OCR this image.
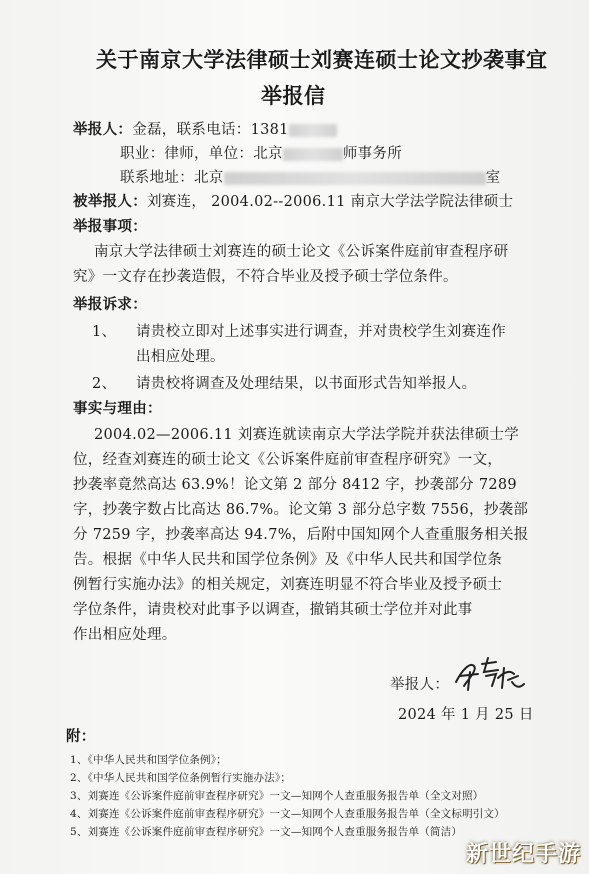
关于南京大学法律硕士刘赛连硕士论文抄袭事宜
举报信
举报人：金磊，联系电话：1381
职业：律师，单位：北京	师事务所
联系地址：北京	室
被举报人：刘赛连， 2004.02--2006.11 南京大学法学院法律硕士
举报事项：
南京大学法律硕士刘赛连的硕士论文《公诉案件庭前审查程序研
究》一文存在抄袭造假，不符合毕业及授予硕士学位条件。
举报诉求：
1、 请贵校立即对上述事实进行调查，并对贵校学生刘赛连作
出相应处理。
2、 请贵校将调查及处理结果，以书面形式告知举报人。
事实与理由：
2004.02—2006.11 刘赛连就读南京大学法学院并获法律硕士学
位，经查刘赛连的硕士论文《公诉案件庭前审查程序研究》一文，
抄袭率竟然高达 63.9%！论文第 2 部分 8412 字，抄袭部分 7289
字，抄袭字数占比高达 86.7%。论文第 3 部分总字数 7556，抄袭部
分 7259 字，抄袭率高达 94.7%，后附中国知网个人查重服务相关报
告。根据《中华人民共和国学位条例》及《中华人民共和国学位条
例暂行实施办法》的相关规定，刘赛连明显不符合毕业及授予硕士
学位条件，请贵校对此事予以调查，撤销其硕士学位并对此事
作出相应处理。
举报人：
2024 年 1 月 25 日
附：
1、《中华人民共和国学位条例》；
2、《中华人民共和国学位条例暂行实施办法》；
3、刘赛连《公诉案件庭前审查程序研究》一文—知网个人查重服务报告单（全文对照）
4、刘赛连《公诉案件庭前审查程序研究》一文—知网个人查重服务报告单（全文标明引文）
5、刘赛连《公诉案件庭前审查程序研究》一文—知网个人查重服务报告单（简洁）
新世纪手游
